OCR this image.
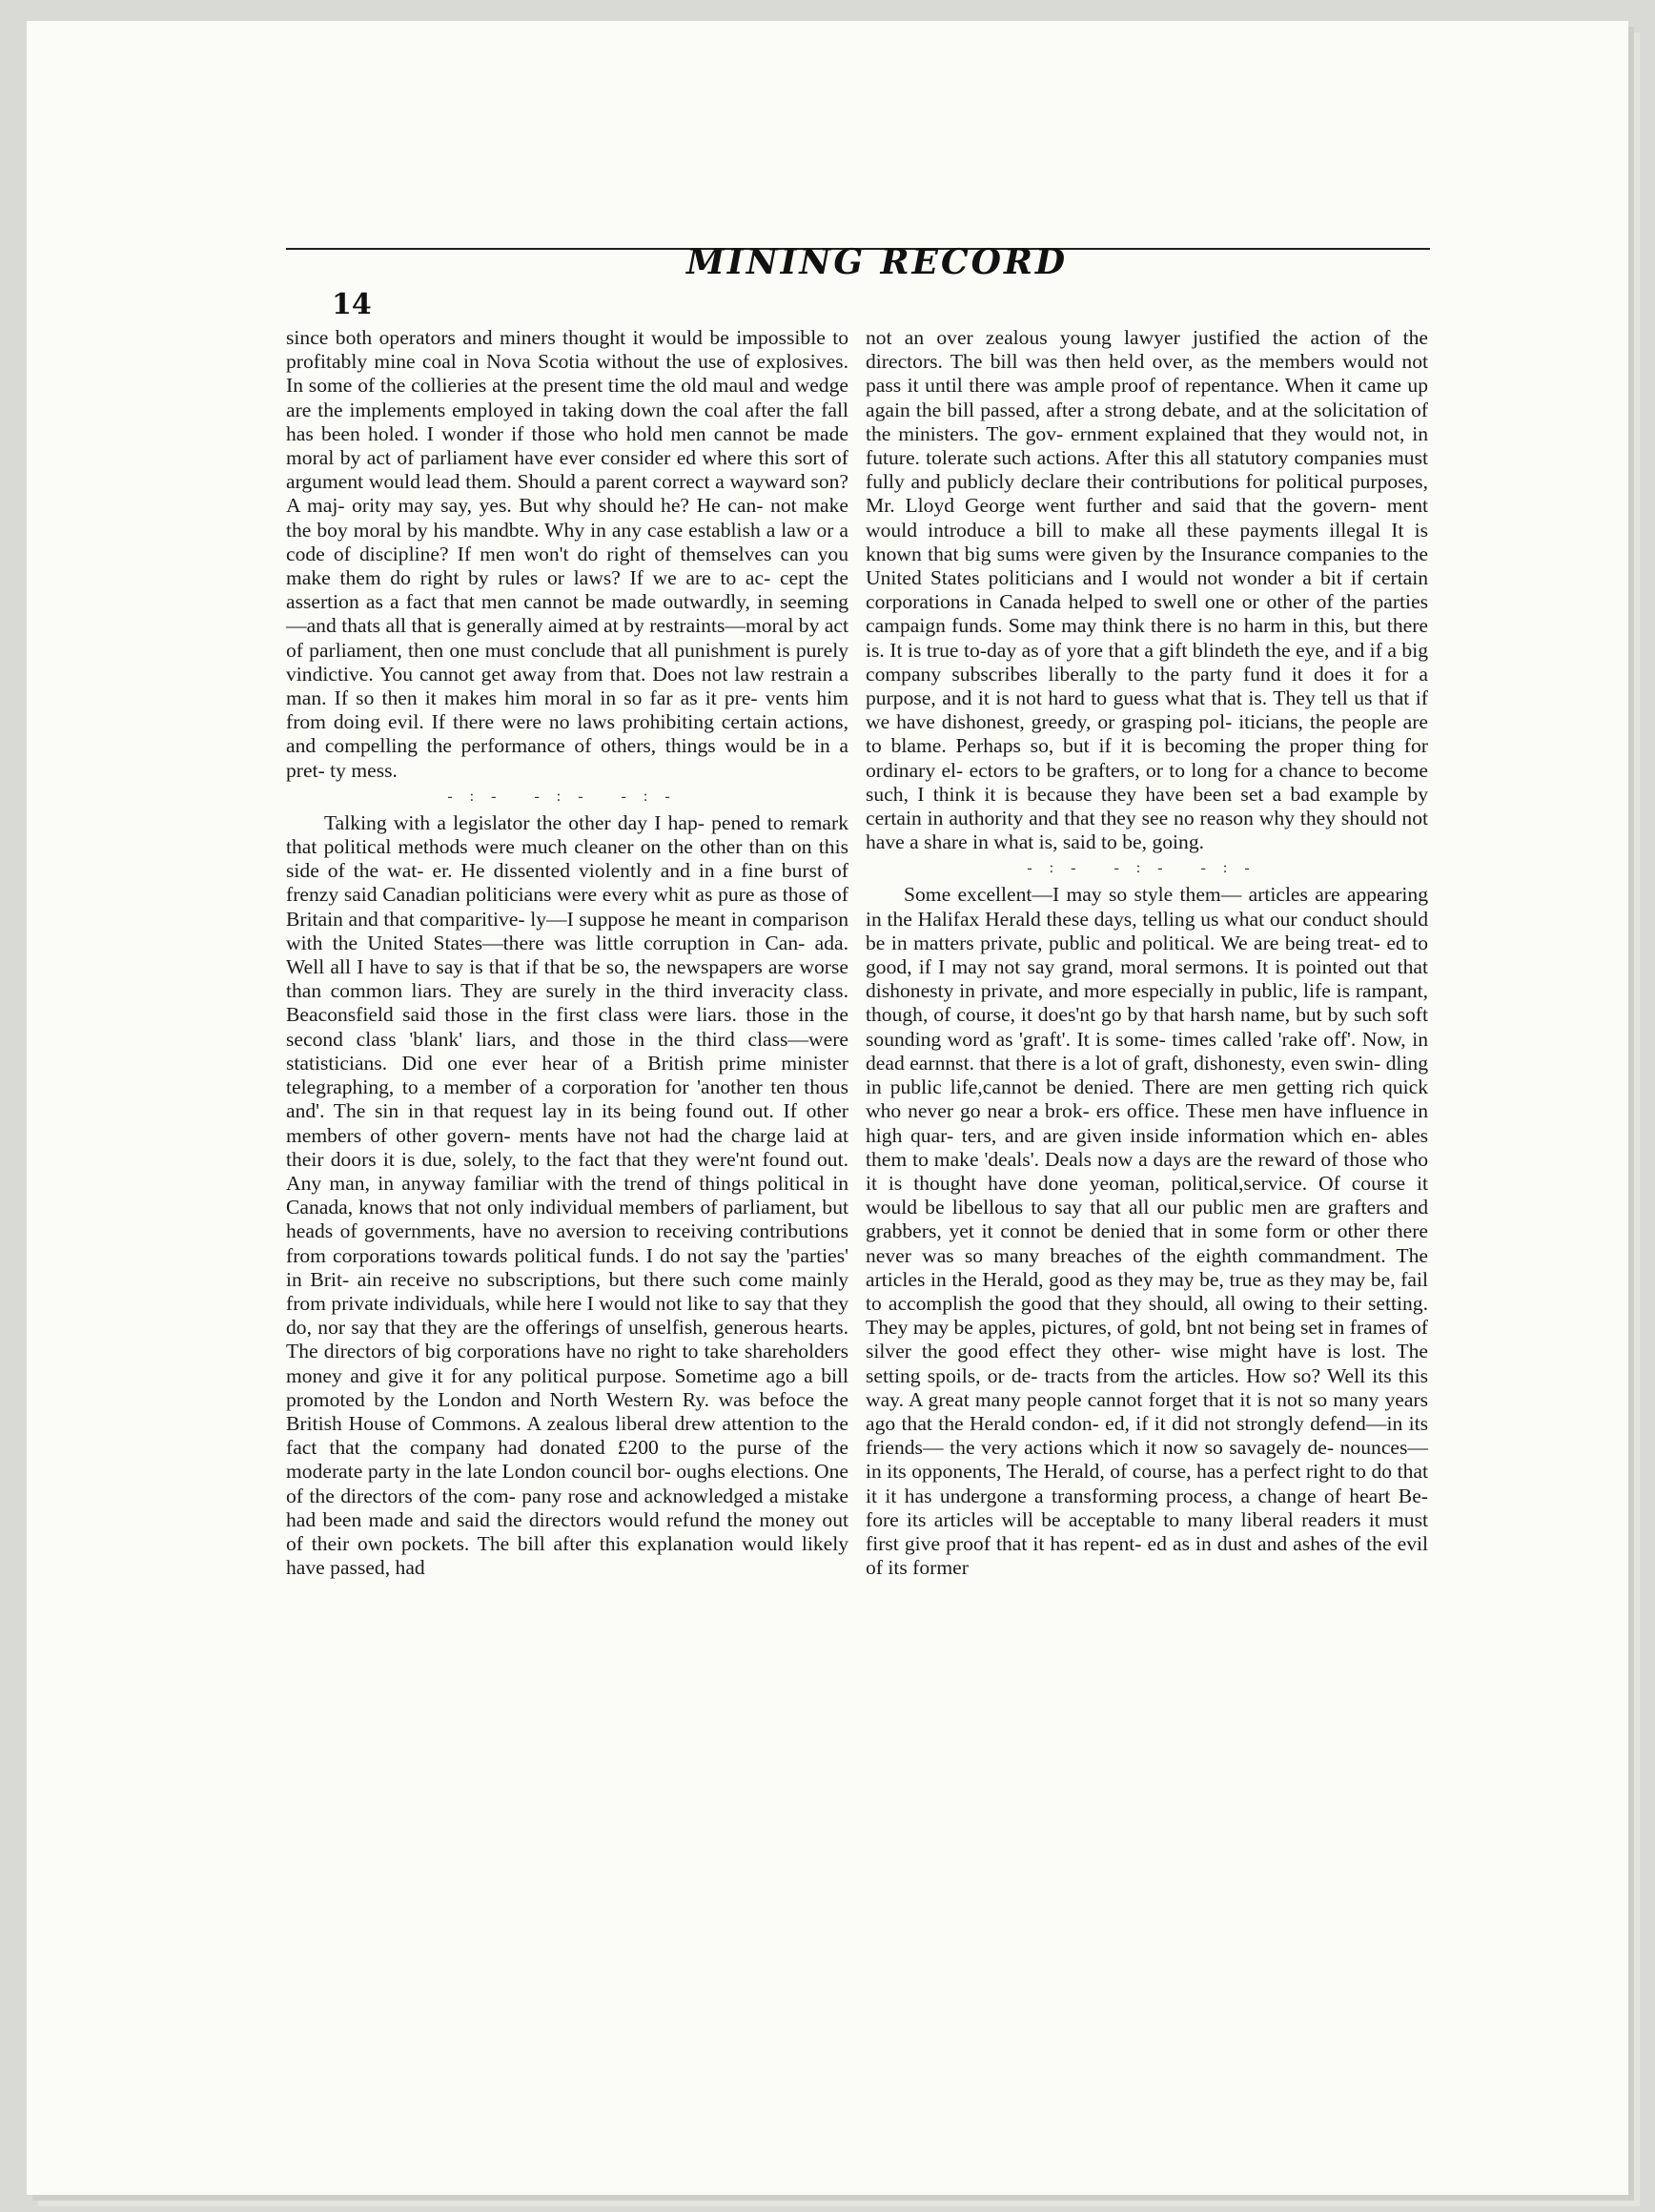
14
MINING RECORD

since both operators and miners thought it would be impossible to profitably mine coal in Nova Scotia without the use of explosives. In some of the collieries at the present time the old maul and wedge are the implements employed in taking down the coal after the fall has been holed. I wonder if those who hold men cannot be made moral by act of parliament have ever consider ed where this sort of argument would lead them. Should a parent correct a wayward son? A maj- ority may say, yes. But why should he? He can- not make the boy moral by his mandbte. Why in any case establish a law or a code of discipline? If men won't do right of themselves can you make them do right by rules or laws? If we are to ac- cept the assertion as a fact that men cannot be made outwardly, in seeming—and thats all that is generally aimed at by restraints—moral by act of parliament, then one must conclude that all punishment is purely vindictive. You cannot get away from that. Does not law restrain a man. If so then it makes him moral in so far as it pre- vents him from doing evil. If there were no laws prohibiting certain actions, and compelling the performance of others, things would be in a pret- ty mess.

-:- -:- -:-

Talking with a legislator the other day I hap- pened to remark that political methods were much cleaner on the other than on this side of the wat- er. He dissented violently and in a fine burst of frenzy said Canadian politicians were every whit as pure as those of Britain and that comparitive- ly—I suppose he meant in comparison with the United States—there was little corruption in Can- ada. Well all I have to say is that if that be so, the newspapers are worse than common liars. They are surely in the third inveracity class. Beaconsfield said those in the first class were liars. those in the second class 'blank' liars, and those in the third class—were statisticians. Did one ever hear of a British prime minister telegraphing, to a member of a corporation for 'another ten thous and'. The sin in that request lay in its being found out. If other members of other govern- ments have not had the charge laid at their doors it is due, solely, to the fact that they were'nt found out. Any man, in anyway familiar with the trend of things political in Canada, knows that not only individual members of parliament, but heads of governments, have no aversion to receiving contributions from corporations towards political funds. I do not say the 'parties' in Brit- ain receive no subscriptions, but there such come mainly from private individuals, while here I would not like to say that they do, nor say that they are the offerings of unselfish, generous hearts. The directors of big corporations have no right to take shareholders money and give it for any political purpose. Sometime ago a bill promoted by the London and North Western Ry. was befoce the British House of Commons. A zealous liberal drew attention to the fact that the company had donated £200 to the purse of the moderate party in the late London council bor- oughs elections. One of the directors of the com- pany rose and acknowledged a mistake had been made and said the directors would refund the money out of their own pockets. The bill after this explanation would likely have passed, had

not an over zealous young lawyer justified the action of the directors. The bill was then held over, as the members would not pass it until there was ample proof of repentance. When it came up again the bill passed, after a strong debate, and at the solicitation of the ministers. The gov- ernment explained that they would not, in future. tolerate such actions. After this all statutory companies must fully and publicly declare their contributions for political purposes, Mr. Lloyd George went further and said that the govern- ment would introduce a bill to make all these payments illegal It is known that big sums were given by the Insurance companies to the United States politicians and I would not wonder a bit if certain corporations in Canada helped to swell one or other of the parties campaign funds. Some may think there is no harm in this, but there is. It is true to-day as of yore that a gift blindeth the eye, and if a big company subscribes liberally to the party fund it does it for a purpose, and it is not hard to guess what that is. They tell us that if we have dishonest, greedy, or grasping pol- iticians, the people are to blame. Perhaps so, but if it is becoming the proper thing for ordinary el- ectors to be grafters, or to long for a chance to become such, I think it is because they have been set a bad example by certain in authority and that they see no reason why they should not have a share in what is, said to be, going.

-:- -:- -:-

Some excellent—I may so style them— articles are appearing in the Halifax Herald these days, telling us what our conduct should be in matters private, public and political. We are being treat- ed to good, if I may not say grand, moral sermons. It is pointed out that dishonesty in private, and more especially in public, life is rampant, though, of course, it does'nt go by that harsh name, but by such soft sounding word as 'graft'. It is some- times called 'rake off'. Now, in dead earnnst. that there is a lot of graft, dishonesty, even swin- dling in public life,cannot be denied. There are men getting rich quick who never go near a brok- ers office. These men have influence in high quar- ters, and are given inside information which en- ables them to make 'deals'. Deals now a days are the reward of those who it is thought have done yeoman, political,service. Of course it would be libellous to say that all our public men are grafters and grabbers, yet it connot be denied that in some form or other there never was so many breaches of the eighth commandment. The articles in the Herald, good as they may be, true as they may be, fail to accomplish the good that they should, all owing to their setting. They may be apples, pictures, of gold, bnt not being set in frames of silver the good effect they other- wise might have is lost. The setting spoils, or de- tracts from the articles. How so? Well its this way. A great many people cannot forget that it is not so many years ago that the Herald condon- ed, if it did not strongly defend—in its friends— the very actions which it now so savagely de- nounces—in its opponents, The Herald, of course, has a perfect right to do that it it has undergone a transforming process, a change of heart Be- fore its articles will be acceptable to many liberal readers it must first give proof that it has repent- ed as in dust and ashes of the evil of its former
